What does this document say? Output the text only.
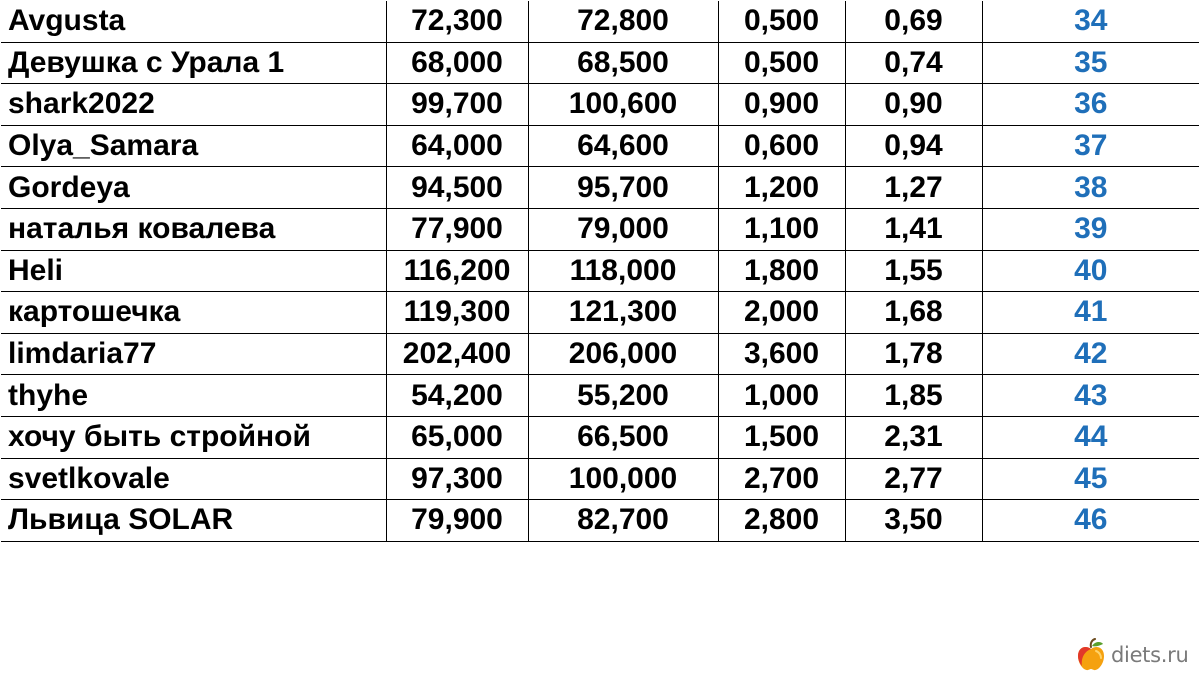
Avgusta	72,300	72,800	0,500	0,69	34
Девушка с Урала 1	68,000	68,500	0,500	0,74	35
shark2022	99,700	100,600	0,900	0,90	36
Olya_Samara	64,000	64,600	0,600	0,94	37
Gordeya	94,500	95,700	1,200	1,27	38
наталья ковалева	77,900	79,000	1,100	1,41	39
Heli	116,200	118,000	1,800	1,55	40
картошечка	119,300	121,300	2,000	1,68	41
limdaria77	202,400	206,000	3,600	1,78	42
thyhe	54,200	55,200	1,000	1,85	43
хочу быть стройной	65,000	66,500	1,500	2,31	44
svetlkovale	97,300	100,000	2,700	2,77	45
Львица SOLAR	79,900	82,700	2,800	3,50	46
diets.ru
